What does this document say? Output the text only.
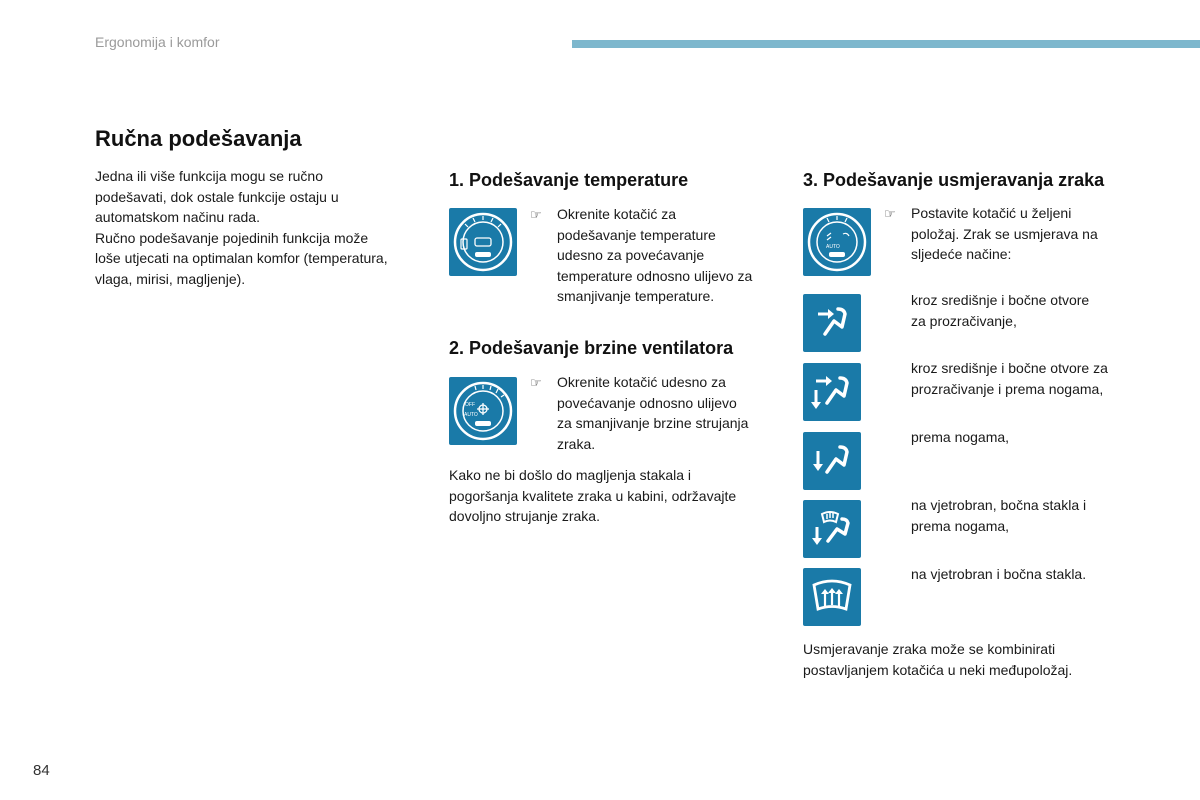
Ergonomija i komfor
Ručna podešavanja
Jedna ili više funkcija mogu se ručno
podešavati, dok ostale funkcije ostaju u
automatskom načinu rada.
Ručno podešavanje pojedinih funkcija može
loše utjecati na optimalan komfor (temperatura,
vlaga, mirisi, magljenje).
1. Podešavanje temperature
☞ Okrenite kotačić za
podešavanje temperature
udesno za povećavanje
temperature odnosno ulijevo za
smanjivanje temperature.
2. Podešavanje brzine ventilatora
OFF
AUTO
☞ Okrenite kotačić udesno za
povećavanje odnosno ulijevo
za smanjivanje brzine strujanja
zraka.
Kako ne bi došlo do magljenja stakala i
pogoršanja kvalitete zraka u kabini, održavajte
dovoljno strujanje zraka.
3. Podešavanje usmjeravanja zraka
AUTO
☞ Postavite kotačić u željeni
položaj. Zrak se usmjerava na
sljedeće načine:
kroz središnje i bočne otvore
za prozračivanje,
kroz središnje i bočne otvore za
prozračivanje i prema nogama,
prema nogama,
na vjetrobran, bočna stakla i
prema nogama,
na vjetrobran i bočna stakla.
Usmjeravanje zraka može se kombinirati
postavljanjem kotačića u neki međupoložaj.
84
